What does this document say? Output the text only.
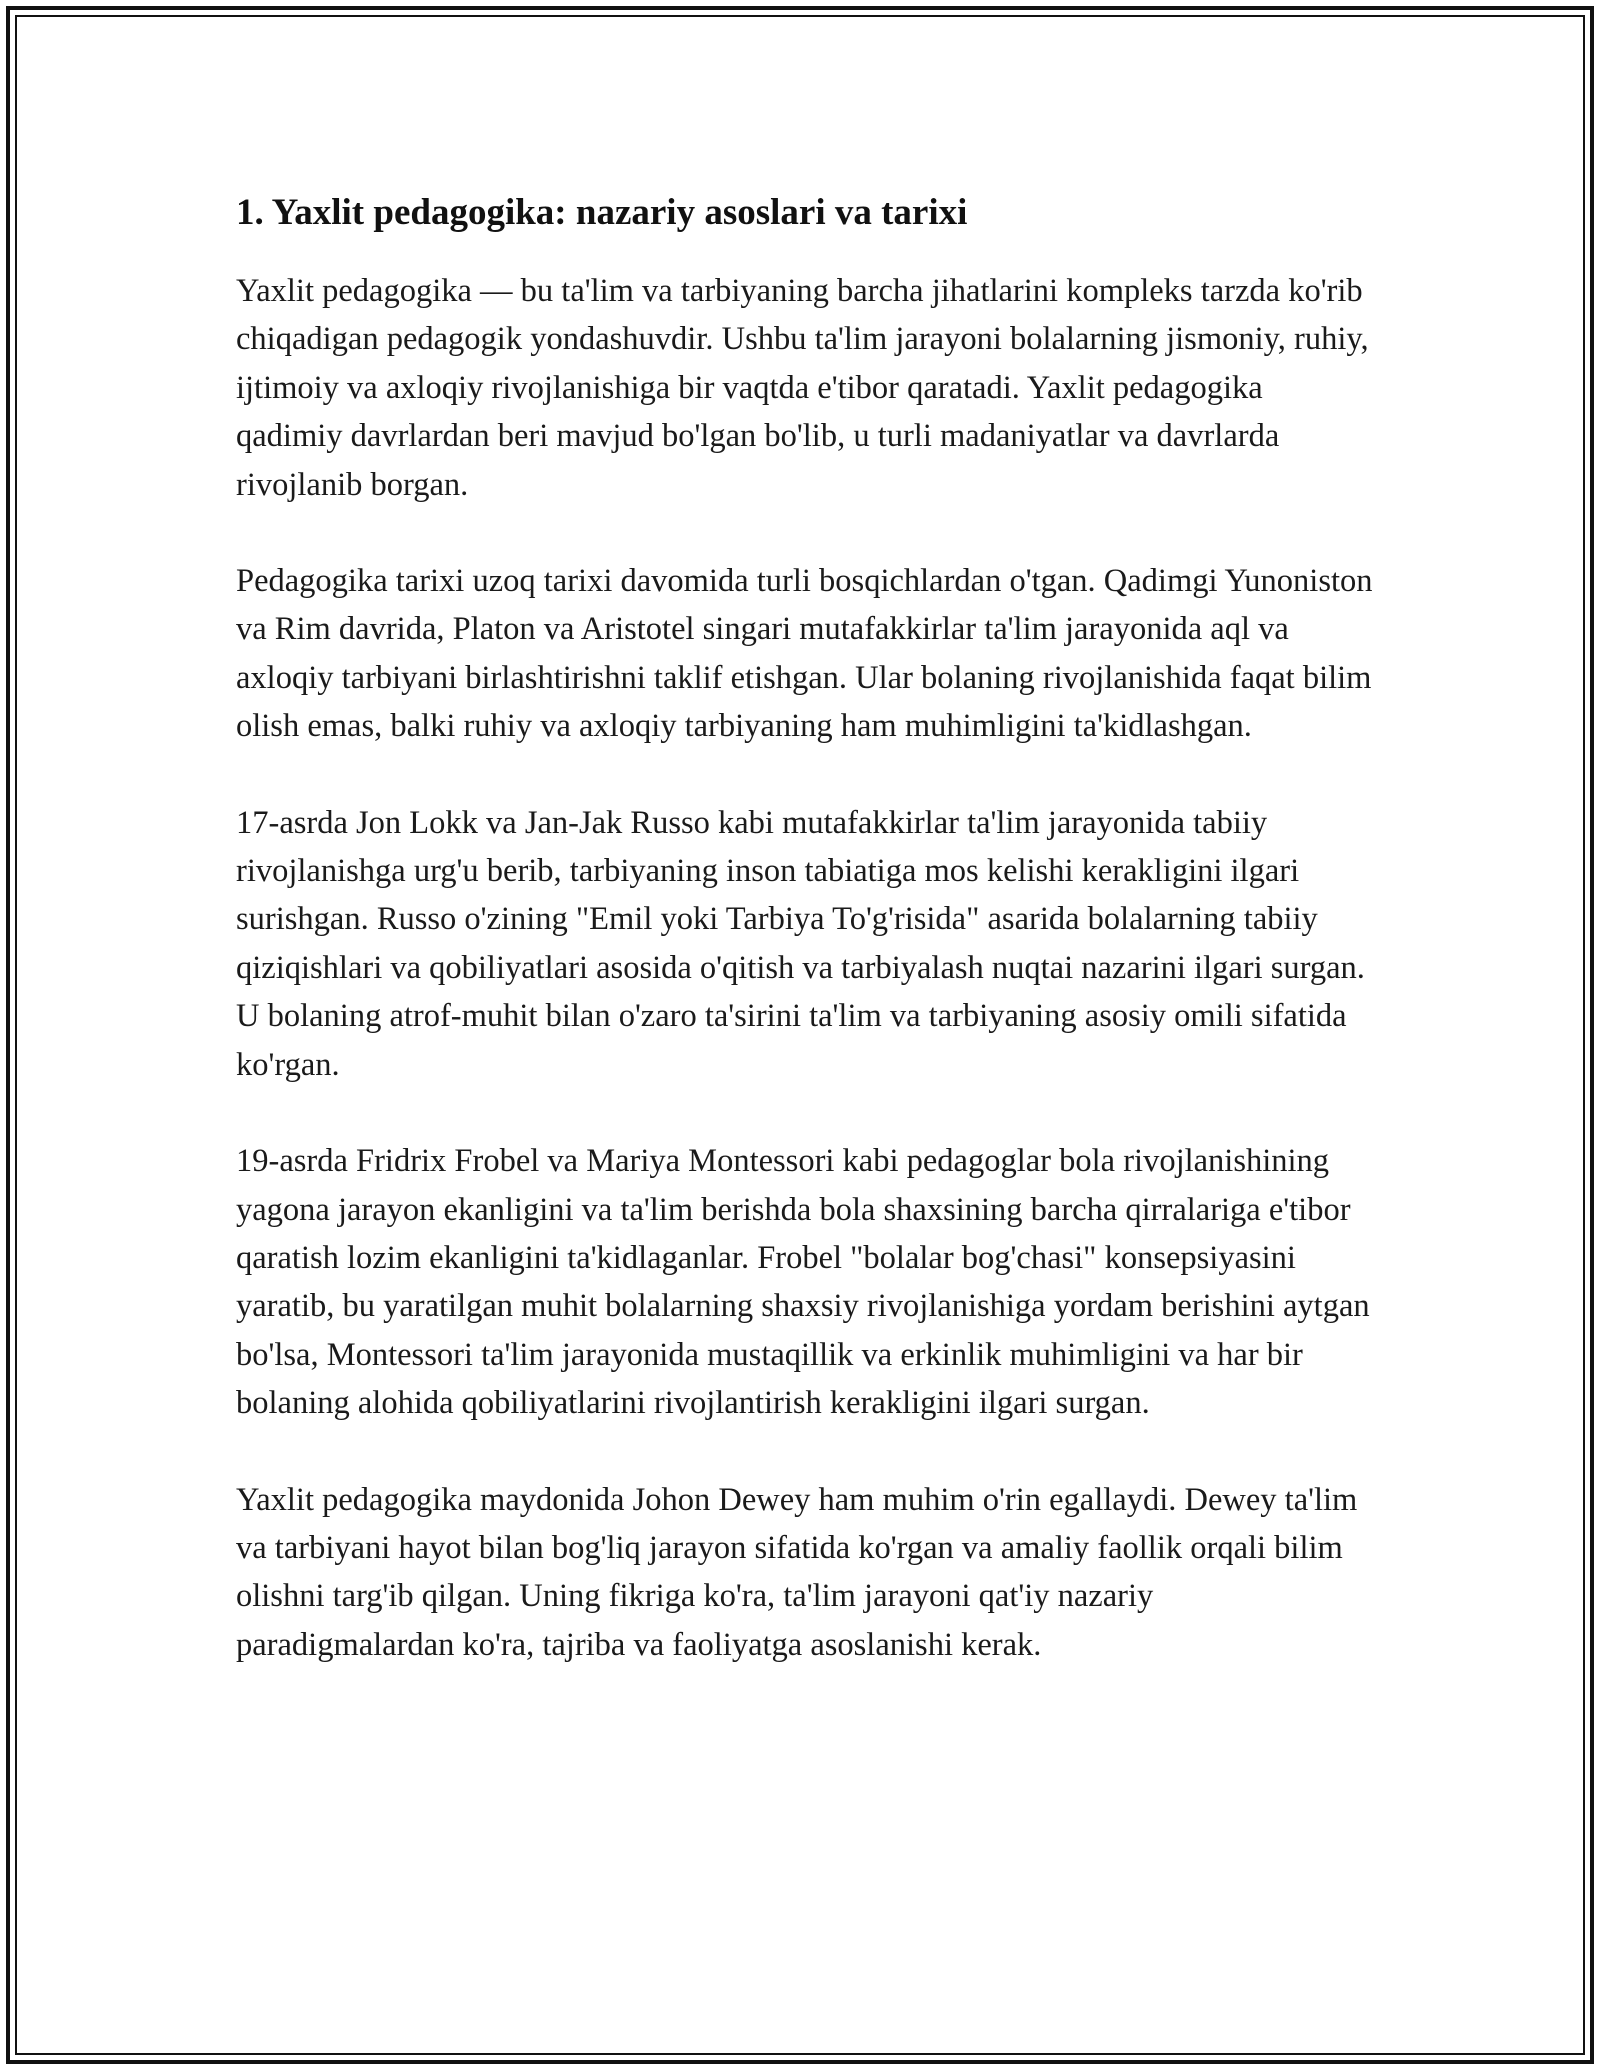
1. Yaxlit pedagogika: nazariy asoslari va tarixi

Yaxlit pedagogika — bu ta'lim va tarbiyaning barcha jihatlarini kompleks tarzda ko'rib chiqadigan pedagogik yondashuvdir. Ushbu ta'lim jarayoni bolalarning jismoniy, ruhiy, ijtimoiy va axloqiy rivojlanishiga bir vaqtda e'tibor qaratadi. Yaxlit pedagogika qadimiy davrlardan beri mavjud bo'lgan bo'lib, u turli madaniyatlar va davrlarda rivojlanib borgan.

Pedagogika tarixi uzoq tarixi davomida turli bosqichlardan o'tgan. Qadimgi Yunoniston va Rim davrida, Platon va Aristotel singari mutafakkirlar ta'lim jarayonida aql va axloqiy tarbiyani birlashtirishni taklif etishgan. Ular bolaning rivojlanishida faqat bilim olish emas, balki ruhiy va axloqiy tarbiyaning ham muhimligini ta'kidlashgan.

17-asrda Jon Lokk va Jan-Jak Russo kabi mutafakkirlar ta'lim jarayonida tabiiy rivojlanishga urg'u berib, tarbiyaning inson tabiatiga mos kelishi kerakligini ilgari surishgan. Russo o'zining "Emil yoki Tarbiya To'g'risida" asarida bolalarning tabiiy qiziqishlari va qobiliyatlari asosida o'qitish va tarbiyalash nuqtai nazarini ilgari surgan. U bolaning atrof-muhit bilan o'zaro ta'sirini ta'lim va tarbiyaning asosiy omili sifatida ko'rgan.

19-asrda Fridrix Frobel va Mariya Montessori kabi pedagoglar bola rivojlanishining yagona jarayon ekanligini va ta'lim berishda bola shaxsining barcha qirralariga e'tibor qaratish lozim ekanligini ta'kidlaganlar. Frobel "bolalar bog'chasi" konsepsiyasini yaratib, bu yaratilgan muhit bolalarning shaxsiy rivojlanishiga yordam berishini aytgan bo'lsa, Montessori ta'lim jarayonida mustaqillik va erkinlik muhimligini va har bir bolaning alohida qobiliyatlarini rivojlantirish kerakligini ilgari surgan.

Yaxlit pedagogika maydonida Johon Dewey ham muhim o'rin egallaydi. Dewey ta'lim va tarbiyani hayot bilan bog'liq jarayon sifatida ko'rgan va amaliy faollik orqali bilim olishni targ'ib qilgan. Uning fikriga ko'ra, ta'lim jarayoni qat'iy nazariy paradigmalardan ko'ra, tajriba va faoliyatga asoslanishi kerak.
